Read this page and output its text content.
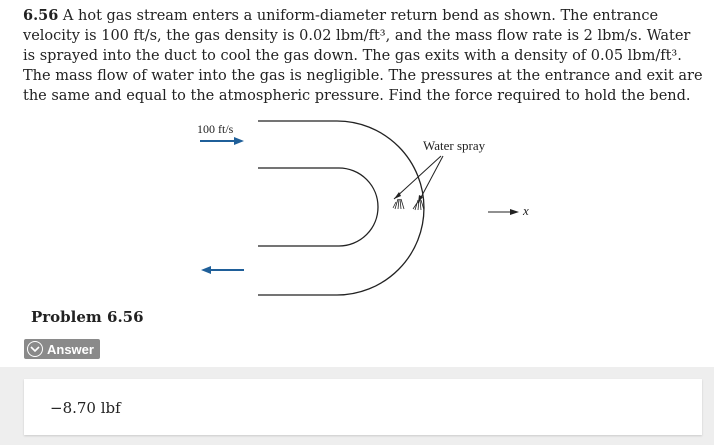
6.56 A hot gas stream enters a uniform-diameter return bend as shown. The entrance velocity is 100 ft/s, the gas density is 0.02 lbm/ft³, and the mass flow rate is 2 lbm/s. Water is sprayed into the duct to cool the gas down. The gas exits with a density of 0.05 lbm/ft³. The mass flow of water into the gas is negligible. The pressures at the entrance and exit are the same and equal to the atmospheric pressure. Find the force required to hold the bend.
100 ft/s
Water spray
x
Problem 6.56
Answer
−8.70 lbf
